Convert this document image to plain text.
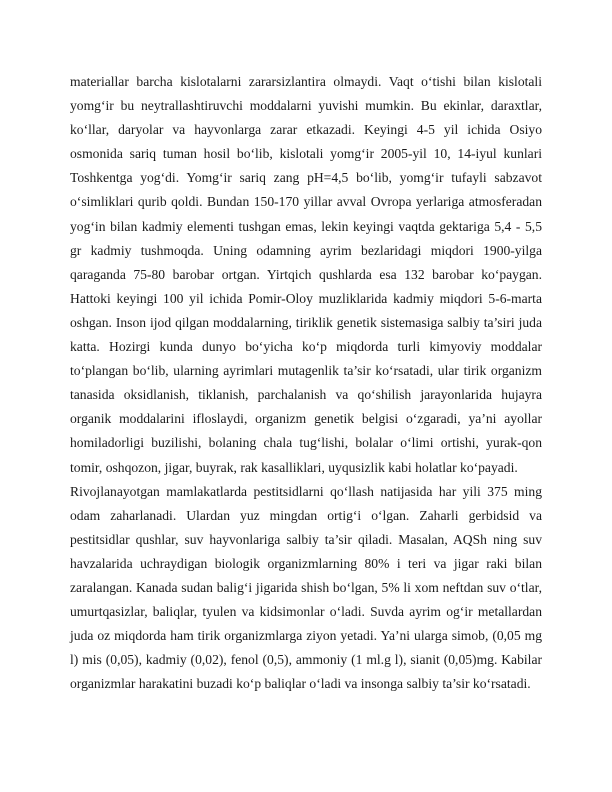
materiallar barcha kislotalarni zararsizlantira olmaydi. Vaqt o‘tishi bilan kislotali yomg‘ir bu neytrallashtiruvchi moddalarni yuvishi mumkin. Bu ekinlar, daraxtlar, ko‘llar, daryolar va hayvonlarga zarar etkazadi. Keyingi 4-5 yil ichida Osiyo osmonida sariq tuman hosil bo‘lib, kislotali yomg‘ir 2005-yil 10, 14-iyul kunlari Toshkentga yog‘di. Yomg‘ir sariq zang pH=4,5 bo‘lib, yomg‘ir tufayli sabzavot o‘simliklari qurib qoldi. Bundan 150-170 yillar avval Ovropa yerlariga atmosferadan yog‘in bilan kadmiy elementi tushgan emas, lekin keyingi vaqtda gektariga 5,4 - 5,5 gr kadmiy tushmoqda. Uning odamning ayrim bezlaridagi miqdori 1900-yilga qaraganda 75-80 barobar ortgan. Yirtqich qushlarda esa 132 barobar ko‘paygan. Hattoki keyingi 100 yil ichida Pomir-Oloy muzliklarida kadmiy miqdori 5-6-marta oshgan. Inson ijod qilgan moddalarning, tiriklik genetik sistemasiga salbiy ta’siri juda katta. Hozirgi kunda dunyo bo‘yicha ko‘p miqdorda turli kimyoviy moddalar to‘plangan bo‘lib, ularning ayrimlari mutagenlik ta’sir ko‘rsatadi, ular tirik organizm tanasida oksidlanish, tiklanish, parchalanish va qo‘shilish jarayonlarida hujayra organik moddalarini ifloslaydi, organizm genetik belgisi o‘zgaradi, ya’ni ayollar homiladorligi buzilishi, bolaning chala tug‘lishi, bolalar o‘limi ortishi, yurak-qon tomir, oshqozon, jigar, buyrak, rak kasalliklari, uyqusizlik kabi holatlar ko‘payadi.

Rivojlanayotgan mamlakatlarda pestitsidlarni qo‘llash natijasida har yili 375 ming odam zaharlanadi. Ulardan yuz mingdan ortig‘i o‘lgan. Zaharli gerbidsid va pestitsidlar qushlar, suv hayvonlariga salbiy ta’sir qiladi. Masalan, AQSh ning suv havzalarida uchraydigan biologik organizmlarning 80% i teri va jigar raki bilan zaralangan. Kanada sudan balig‘i jigarida shish bo‘lgan, 5% li xom neftdan suv o‘tlar, umurtqasizlar, baliqlar, tyulen va kidsimonlar o‘ladi. Suvda ayrim og‘ir metallardan juda oz miqdorda ham tirik organizmlarga ziyon yetadi. Ya’ni ularga simob, (0,05 mg l) mis (0,05), kadmiy (0,02), fenol (0,5), ammoniy (1 ml.g l), sianit (0,05)mg. Kabilar organizmlar harakatini buzadi ko‘p baliqlar o‘ladi va insonga salbiy ta’sir ko‘rsatadi.
